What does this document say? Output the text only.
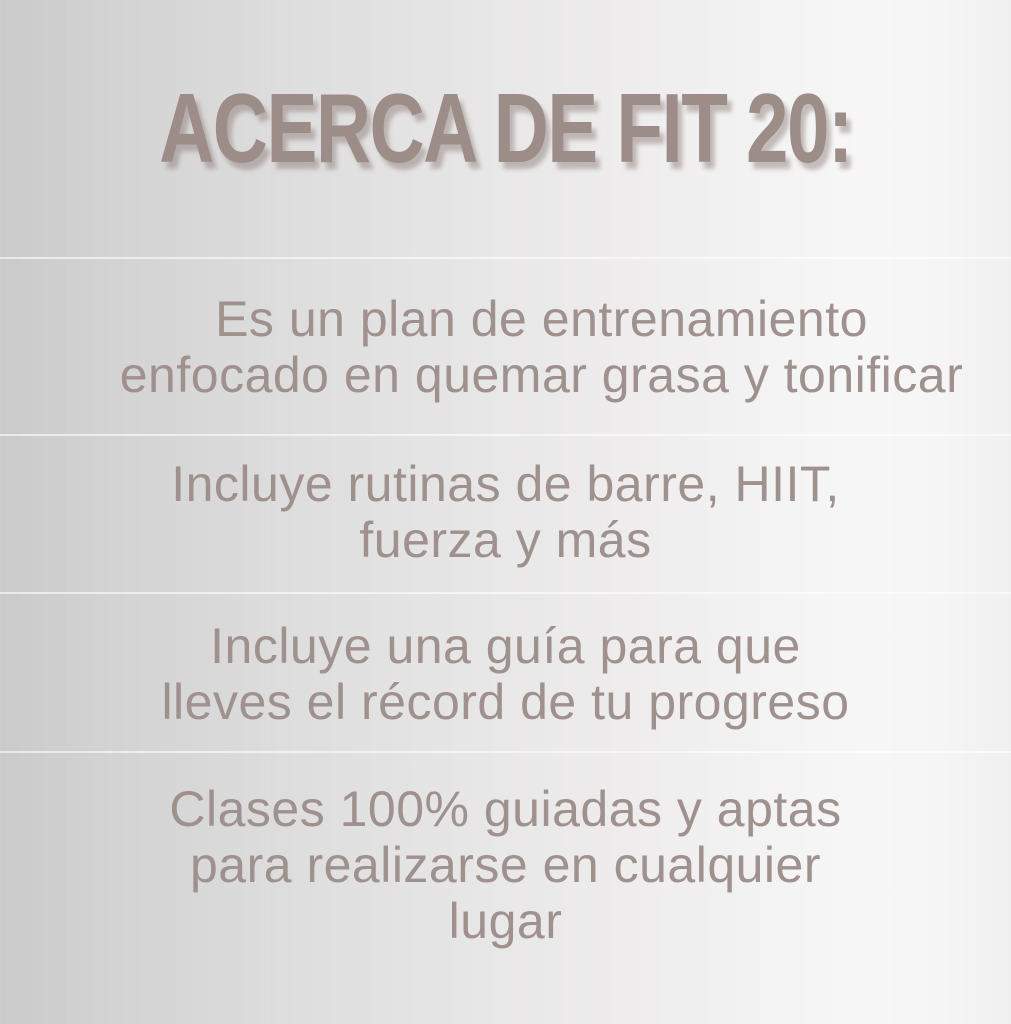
ACERCA DE FIT 20:

Es un plan de entrenamiento
enfocado en quemar grasa y tonificar

Incluye rutinas de barre, HIIT,
fuerza y más

Incluye una guía para que
lleves el récord de tu progreso

Clases 100% guiadas y aptas
para realizarse en cualquier
lugar
